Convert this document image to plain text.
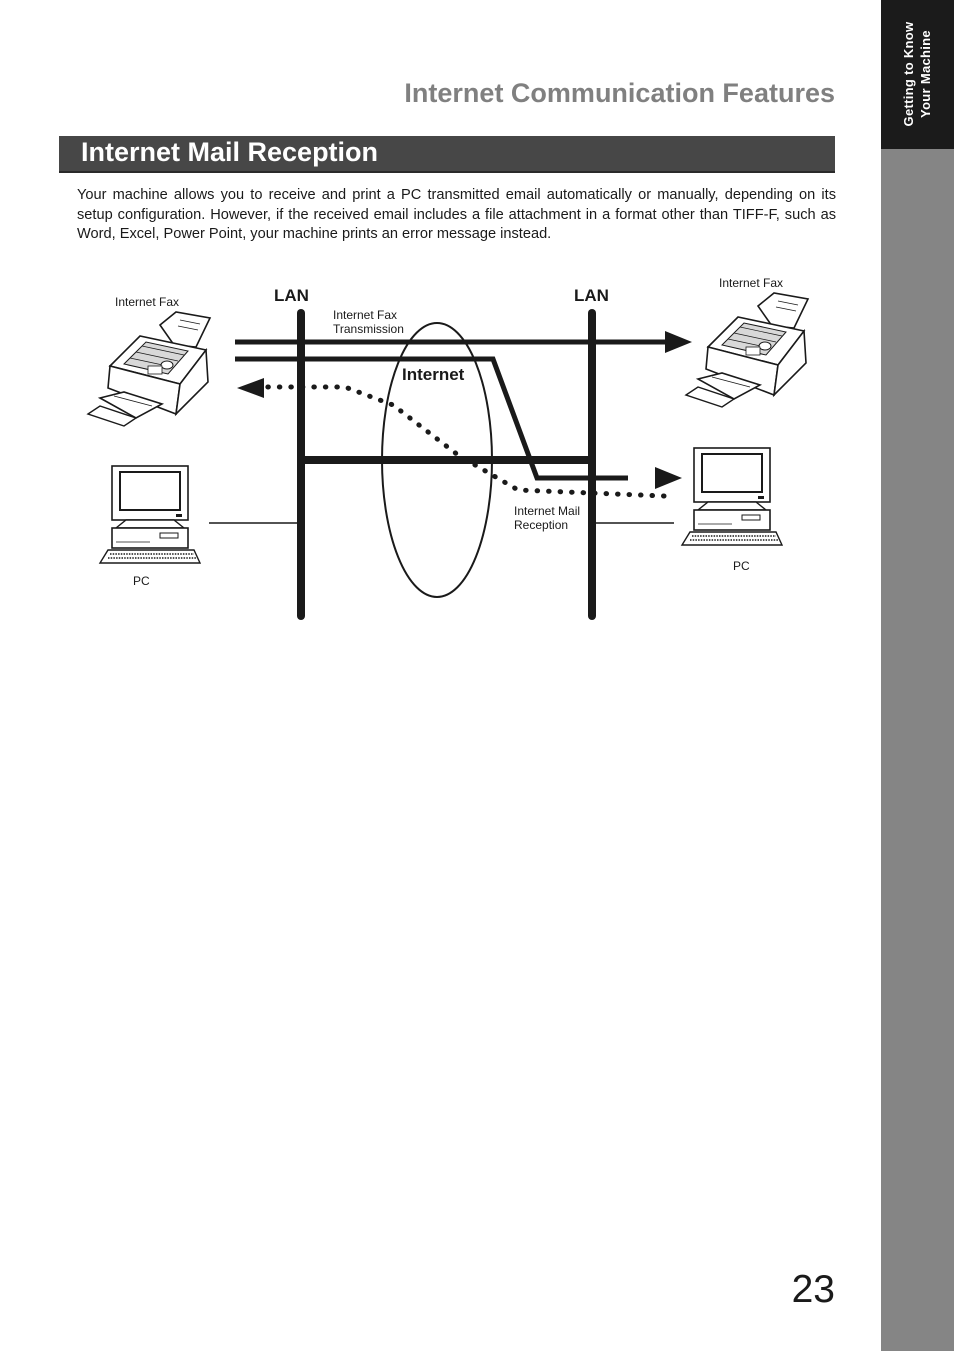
Getting to Know Your Machine
Internet Communication Features
Internet Mail Reception

Your machine allows you to receive and print a PC transmitted email automatically or manually, depending on its setup configuration. However, if the received email includes a file attachment in a format other than TIFF-F, such as Word, Excel, Power Point, your machine prints an error message instead.

LAN	LAN
Internet
Internet Fax
Internet Fax
Internet Fax
Transmission
Internet Mail
Reception
PC
PC
23
